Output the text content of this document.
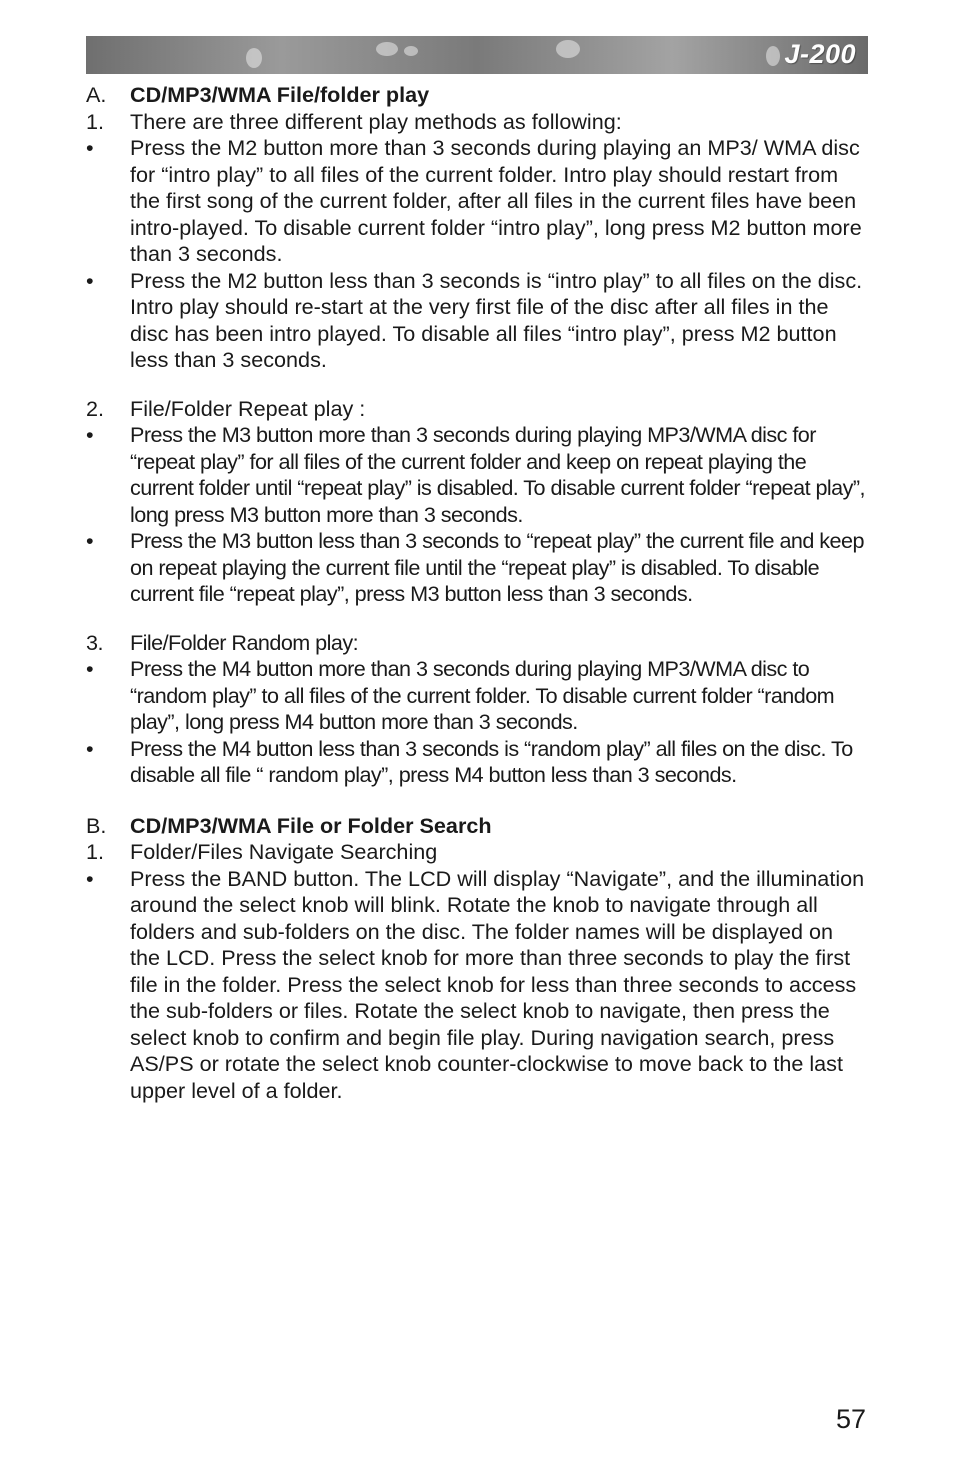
J-200
A.	CD/MP3/WMA File/folder play
1.	There are three different play methods as following:
•	Press the M2 button more than 3 seconds during playing an MP3/ WMA disc for “intro play” to all files of the current folder. Intro play should restart from the first song of the current folder, after all files in the current files have been intro-played. To disable current folder “intro play”, long press M2 button more than 3 seconds.
•	Press the M2 button less than 3 seconds is “intro play” to all files on the disc. Intro play should re-start at the very first file of the disc after all files in the disc has been intro played. To disable all files “intro play”, press M2 button less than 3 seconds.
2.	File/Folder Repeat play :
•	Press the M3 button more than 3 seconds during playing MP3/WMA disc for “repeat play” for all files of the current folder and keep on repeat playing the current folder until “repeat play” is disabled. To disable current folder “repeat play”, long press M3 button more than 3 seconds.
•	Press the M3 button less than 3 seconds to “repeat play” the current file and keep on repeat playing the current file until the “repeat play” is disabled. To disable current file “repeat play”, press M3 button less than 3 seconds.
3.	File/Folder Random play:
•	Press the M4 button more than 3 seconds during playing MP3/WMA disc to “random play” to all files of the current folder. To disable current folder “random play”, long press M4 button more than 3 seconds.
•	Press the M4 button less than 3 seconds is “random play” all files on the disc. To disable all file “ random play”, press M4 button less than 3 seconds.
B.	CD/MP3/WMA File or Folder Search
1.	Folder/Files Navigate Searching
•	Press the BAND button. The LCD will display “Navigate”, and the illumination around the select knob will blink. Rotate the knob to navigate through all folders and sub-folders on the disc. The folder names will be displayed on the LCD. Press the select knob for more than three seconds to play the first file in the folder. Press the select knob for less than three seconds to access the sub-folders or files. Rotate the select knob to navigate, then press the select knob to confirm and begin file play. During navigation search, press AS/PS or rotate the select knob counter-clockwise to move back to the last upper level of a folder.
57
